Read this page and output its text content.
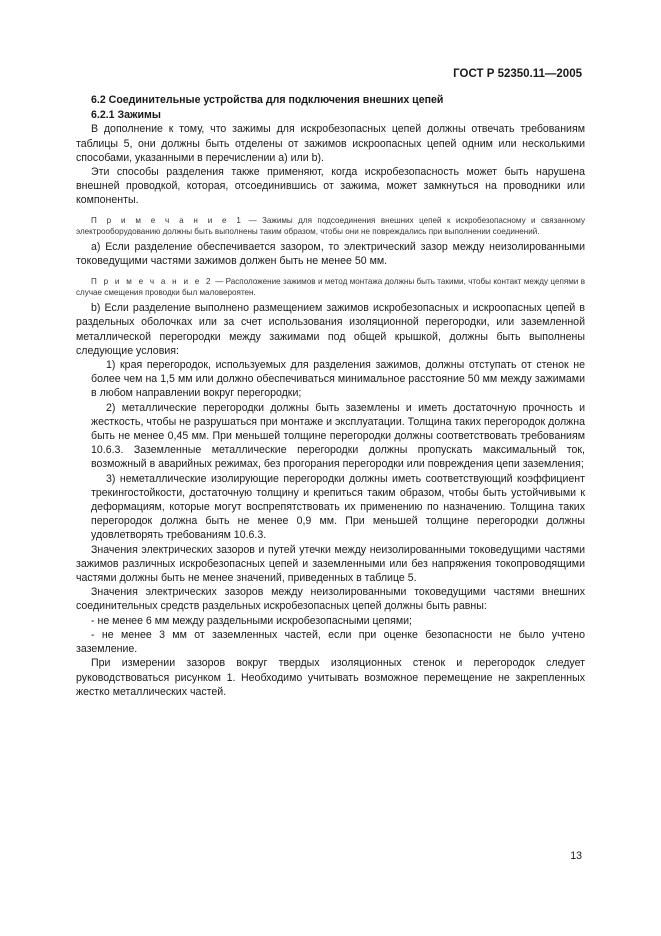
ГОСТ Р 52350.11—2005

6.2 Соединительные устройства для подключения внешних цепей

6.2.1 Зажимы

В дополнение к тому, что зажимы для искробезопасных цепей должны отвечать требованиям таблицы 5, они должны быть отделены от зажимов искроопасных цепей одним или несколькими способами, указанными в перечислении a) или b).

Эти способы разделения также применяют, когда искробезопасность может быть нарушена внешней проводкой, которая, отсоединившись от зажима, может замкнуться на проводники или компоненты.

П р и м е ч а н и е 1 — Зажимы для подсоединения внешних цепей к искробезопасному и связанному электрооборудованию должны быть выполнены таким образом, чтобы они не повреждались при выполнении соединений.

a) Если разделение обеспечивается зазором, то электрический зазор между неизолированными токоведущими частями зажимов должен быть не менее 50 мм.

П р и м е ч а н и е 2 — Расположение зажимов и метод монтажа должны быть такими, чтобы контакт между цепями в случае смещения проводки был маловероятен.

b) Если разделение выполнено размещением зажимов искробезопасных и искроопасных цепей в раздельных оболочках или за счет использования изоляционной перегородки, или заземленной металлической перегородки между зажимами под общей крышкой, должны быть выполнены следующие условия:

1) края перегородок, используемых для разделения зажимов, должны отступать от стенок не более чем на 1,5 мм или должно обеспечиваться минимальное расстояние 50 мм между зажимами в любом направлении вокруг перегородки;

2) металлические перегородки должны быть заземлены и иметь достаточную прочность и жесткость, чтобы не разрушаться при монтаже и эксплуатации. Толщина таких перегородок должна быть не менее 0,45 мм. При меньшей толщине перегородки должны соответствовать требованиям 10.6.3. Заземленные металлические перегородки должны пропускать максимальный ток, возможный в аварийных режимах, без прогорания перегородки или повреждения цепи заземления;

3) неметаллические изолирующие перегородки должны иметь соответствующий коэффициент трекингостойкости, достаточную толщину и крепиться таким образом, чтобы быть устойчивыми к деформациям, которые могут воспрепятствовать их применению по назначению. Толщина таких перегородок должна быть не менее 0,9 мм. При меньшей толщине перегородки должны удовлетворять требованиям 10.6.3.

Значения электрических зазоров и путей утечки между неизолированными токоведущими частями зажимов различных искробезопасных цепей и заземленными или без напряжения токопроводящими частями должны быть не менее значений, приведенных в таблице 5.

Значения электрических зазоров между неизолированными токоведущими частями внешних соединительных средств раздельных искробезопасных цепей должны быть равны:

- не менее 6 мм между раздельными искробезопасными цепями;

- не менее 3 мм от заземленных частей, если при оценке безопасности не было учтено заземление.

При измерении зазоров вокруг твердых изоляционных стенок и перегородок следует руководствоваться рисунком 1. Необходимо учитывать возможное перемещение не закрепленных жестко металлических частей.

13
